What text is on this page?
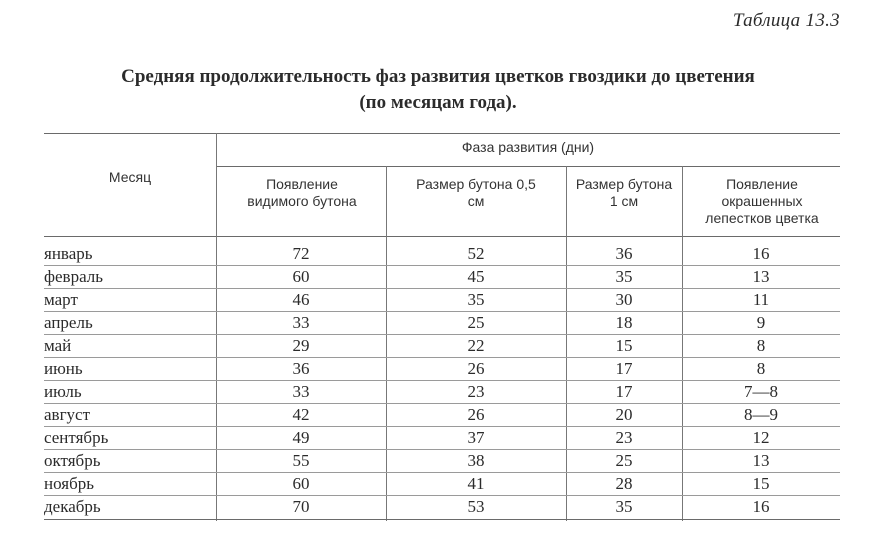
Таблица 13.3
Средняя продолжительность фаз развития цветков гвоздики до цветения
(по месяцам года).
Месяц
Фаза развития (дни)
Появление видимого бутона
Размер бутона 0,5 см
Размер бутона 1 см
Появление окрашенных лепестков цветка
январь	72	52	36	16
февраль	60	45	35	13
март	46	35	30	11
апрель	33	25	18	9
май	29	22	15	8
июнь	36	26	17	8
июль	33	23	17	7—8
август	42	26	20	8—9
сентябрь	49	37	23	12
октябрь	55	38	25	13
ноябрь	60	41	28	15
декабрь	70	53	35	16
